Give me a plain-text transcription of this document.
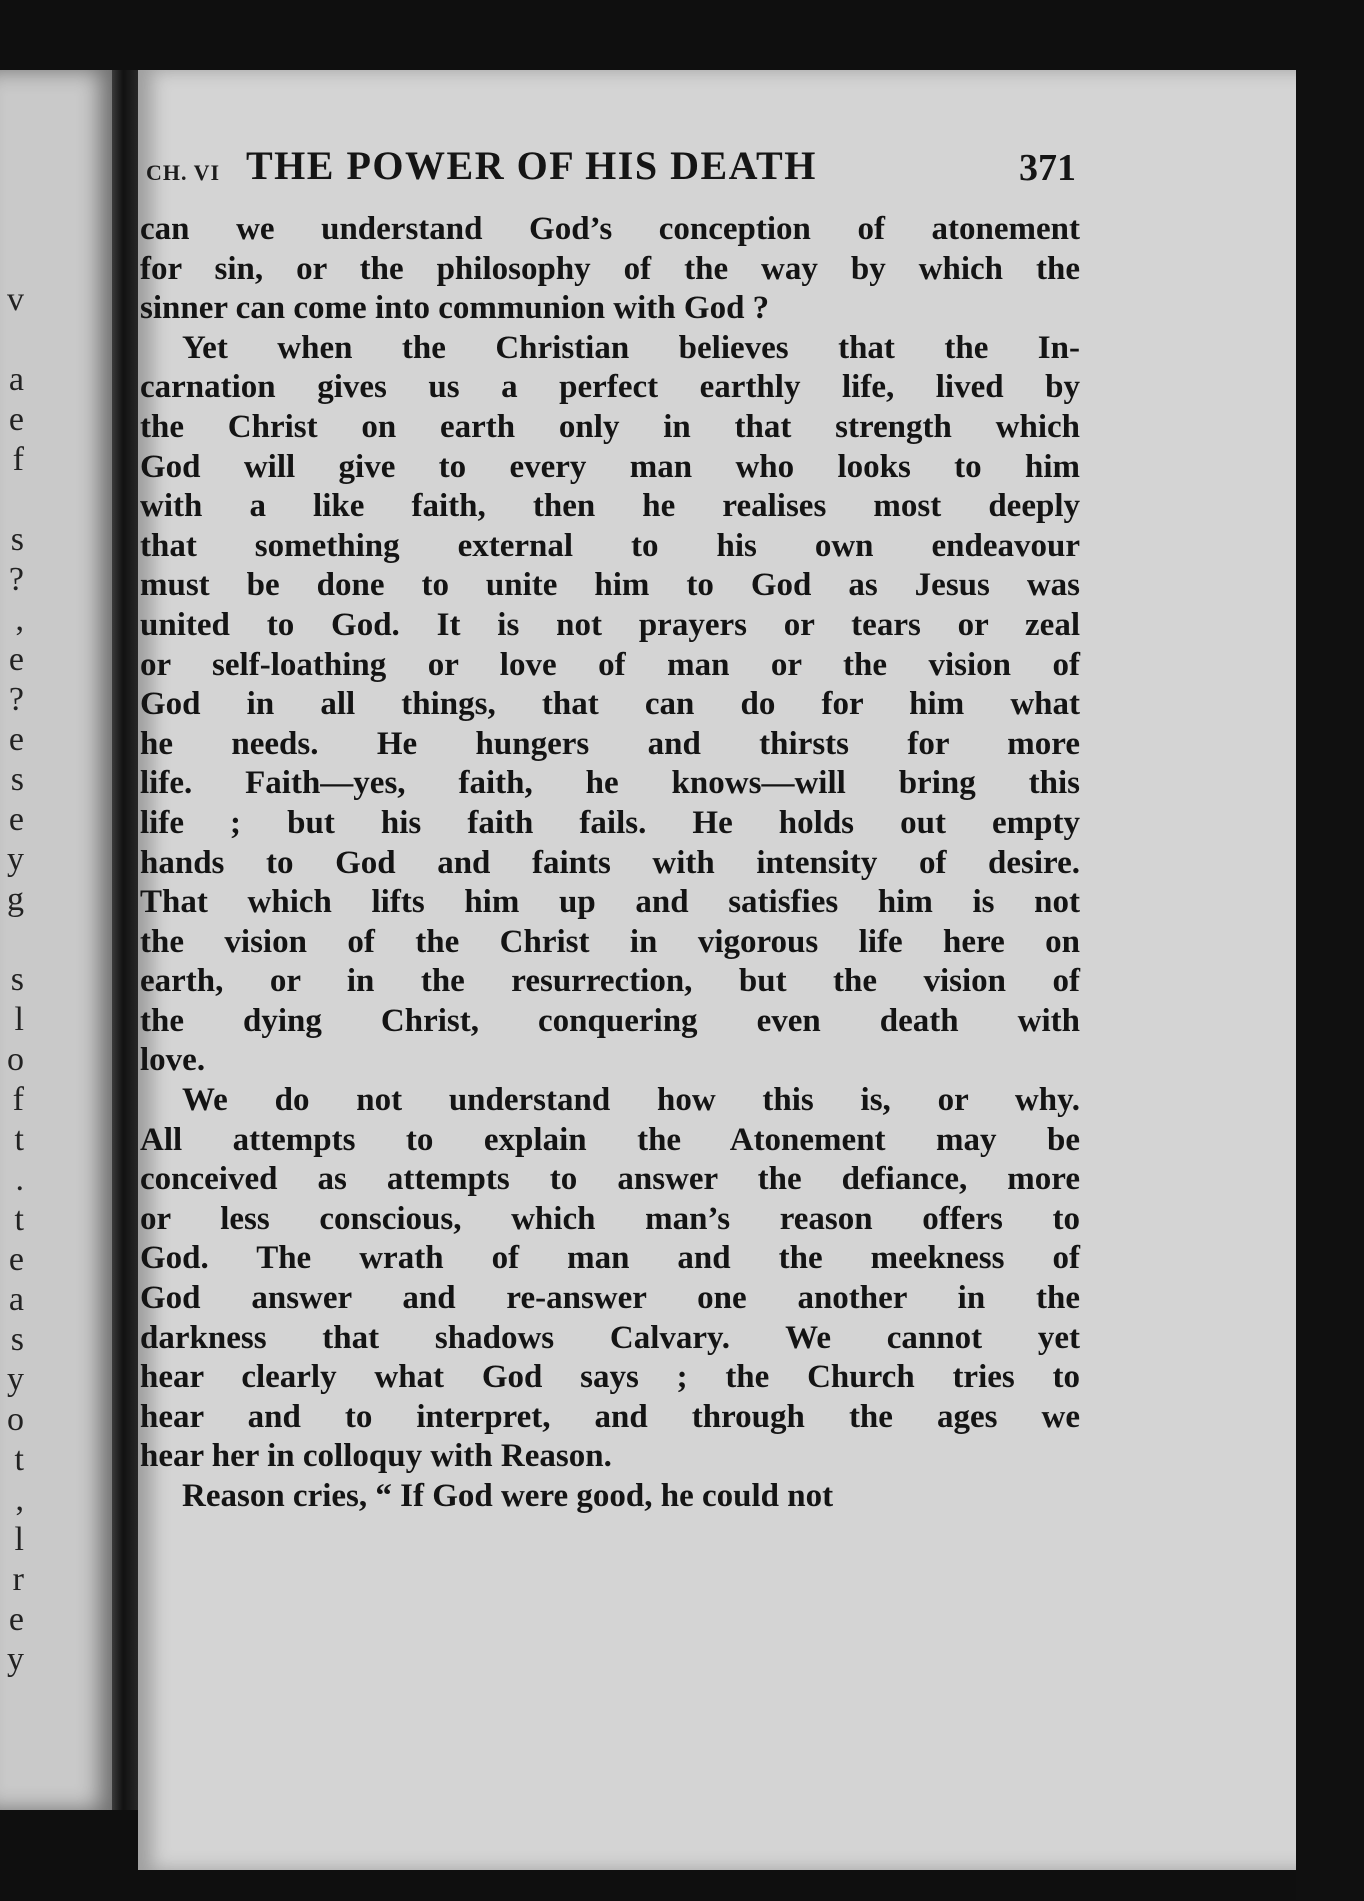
v
a
e
f
s
?
,
e
?
e
s
e
y
g
s
l
o
f
t
.
t
e
a
s
y
o
t
,
l
r
e
y
CH. VI THE POWER OF HIS DEATH	371
can we understand God’s conception of atonement
for sin, or the philosophy of the way by which the
sinner can come into communion with God ?
Yet when the Christian believes that the In-
carnation gives us a perfect earthly life, lived by
the Christ on earth only in that strength which
God will give to every man who looks to him
with a like faith, then he realises most deeply
that something external to his own endeavour
must be done to unite him to God as Jesus was
united to God. It is not prayers or tears or zeal
or self-loathing or love of man or the vision of
God in all things, that can do for him what
he needs. He hungers and thirsts for more
life. Faith—yes, faith, he knows—will bring this
life ; but his faith fails. He holds out empty
hands to God and faints with intensity of desire.
That which lifts him up and satisfies him is not
the vision of the Christ in vigorous life here on
earth, or in the resurrection, but the vision of
the dying Christ, conquering even death with
love.
We do not understand how this is, or why.
All attempts to explain the Atonement may be
conceived as attempts to answer the defiance, more
or less conscious, which man’s reason offers to
God. The wrath of man and the meekness of
God answer and re-answer one another in the
darkness that shadows Calvary. We cannot yet
hear clearly what God says ; the Church tries to
hear and to interpret, and through the ages we
hear her in colloquy with Reason.
Reason cries, “ If God were good, he could not
